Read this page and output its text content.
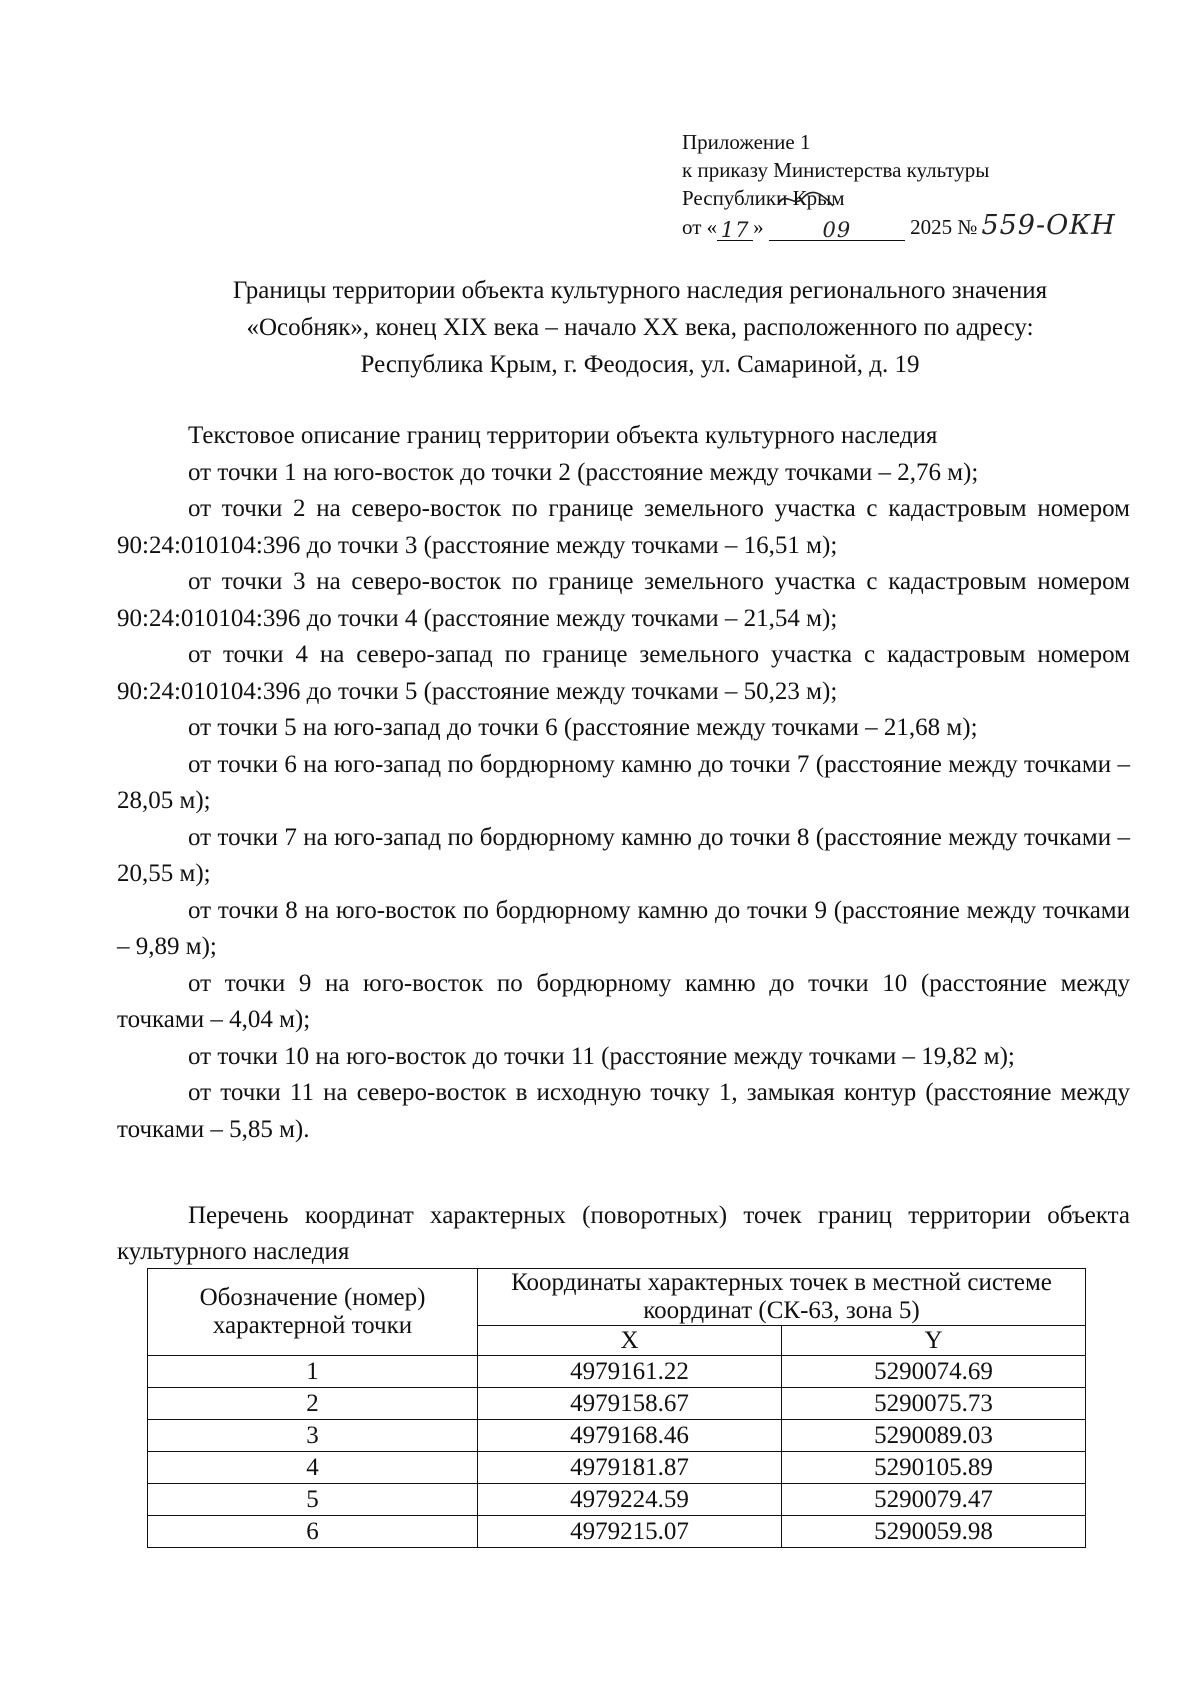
Приложение 1
к приказу Министерства культуры
Республики Крым
от « 17 »	09	2025 № 559-ОКН
Границы территории объекта культурного наследия регионального значения
«Особняк», конец XIX века – начало XX века, расположенного по адресу:
Республика Крым, г. Феодосия, ул. Самариной, д. 19

Текстовое описание границ территории объекта культурного наследия

от точки 1 на юго-восток до точки 2 (расстояние между точками – 2,76 м);

от точки 2 на северо-восток по границе земельного участка с кадастровым номером 90:24:010104:396 до точки 3 (расстояние между точками – 16,51 м);

от точки 3 на северо-восток по границе земельного участка с кадастровым номером 90:24:010104:396 до точки 4 (расстояние между точками – 21,54 м);

от точки 4 на северо-запад по границе земельного участка с кадастровым номером 90:24:010104:396 до точки 5 (расстояние между точками – 50,23 м);

от точки 5 на юго-запад до точки 6 (расстояние между точками – 21,68 м);

от точки 6 на юго-запад по бордюрному камню до точки 7 (расстояние между точками – 28,05 м);

от точки 7 на юго-запад по бордюрному камню до точки 8 (расстояние между точками – 20,55 м);

от точки 8 на юго-восток по бордюрному камню до точки 9 (расстояние между точками – 9,89 м);

от точки 9 на юго-восток по бордюрному камню до точки 10 (расстояние между точками – 4,04 м);

от точки 10 на юго-восток до точки 11 (расстояние между точками – 19,82 м);

от точки 11 на северо-восток в исходную точку 1, замыкая контур (расстояние между точками – 5,85 м).

Перечень координат характерных (поворотных) точек границ территории объекта культурного наследия

Обозначение (номер) характерной точки	Координаты характерных точек в местной системе координат (СК-63, зона 5)	
	X	Y
1	4979161.22	5290074.69
2	4979158.67	5290075.73
3	4979168.46	5290089.03
4	4979181.87	5290105.89
5	4979224.59	5290079.47
6	4979215.07	5290059.98
